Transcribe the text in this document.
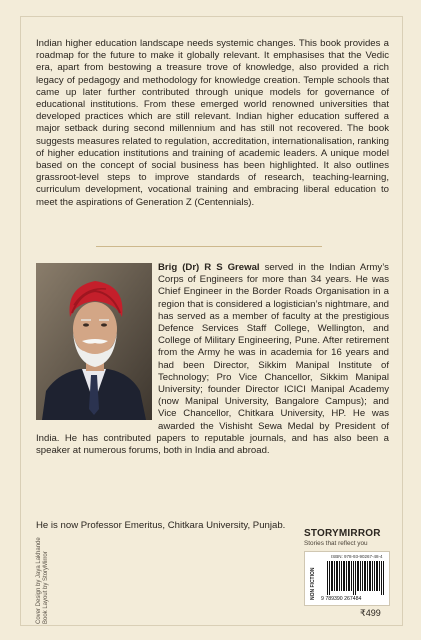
Indian higher education landscape needs systemic changes. This book provides a roadmap for the future to make it globally relevant. It emphasises that the Vedic era, apart from bestowing a treasure trove of knowledge, also provided a rich legacy of pedagogy and methodology for knowledge creation. Temple schools that came up later further contributed through unique models for governance of educational institutions. From these emerged world renowned universities that developed practices which are still relevant. Indian higher education suffered a major setback during second millennium and has still not recovered. The book suggests measures related to regulation, accreditation, internationalisation, ranking of higher education institutions and training of academic leaders. A unique model based on the concept of social business has been highlighted. It also outlines grassroot-level steps to improve standards of research, teaching-learning, curriculum development, vocational training and embracing liberal education to meet the aspirations of Generation Z (Centennials).

Brig (Dr) R S Grewal served in the Indian Army’s Corps of Engineers for more than 34 years. He was Chief Engineer in the Border Roads Organisation in a region that is considered a logistician’s nightmare, and has served as a member of faculty at the prestigious Defence Services Staff College, Wellington, and College of Military Engineering, Pune. After retirement from the Army he was in academia for 16 years and had been Director, Sikkim Manipal Institute of Technology; Pro Vice Chancellor, Sikkim Manipal University; founder Director ICICI Manipal Academy (now Manipal University, Bangalore Campus); and Vice Chancellor, Chitkara University, HP. He was awarded the Vishisht Sewa Medal by President of India. He has contributed papers to reputable journals, and has also been a speaker at numerous forums, both in India and abroad.

He is now Professor Emeritus, Chitkara University, Punjab.

Cover Design by Jaya Lakhande
Book Layout by StoryMirror
STORYMIRROR
Stories that reflect you
ISBN: 978-93-90267-48-4
NON FICTION 9 789390 267484
₹499
